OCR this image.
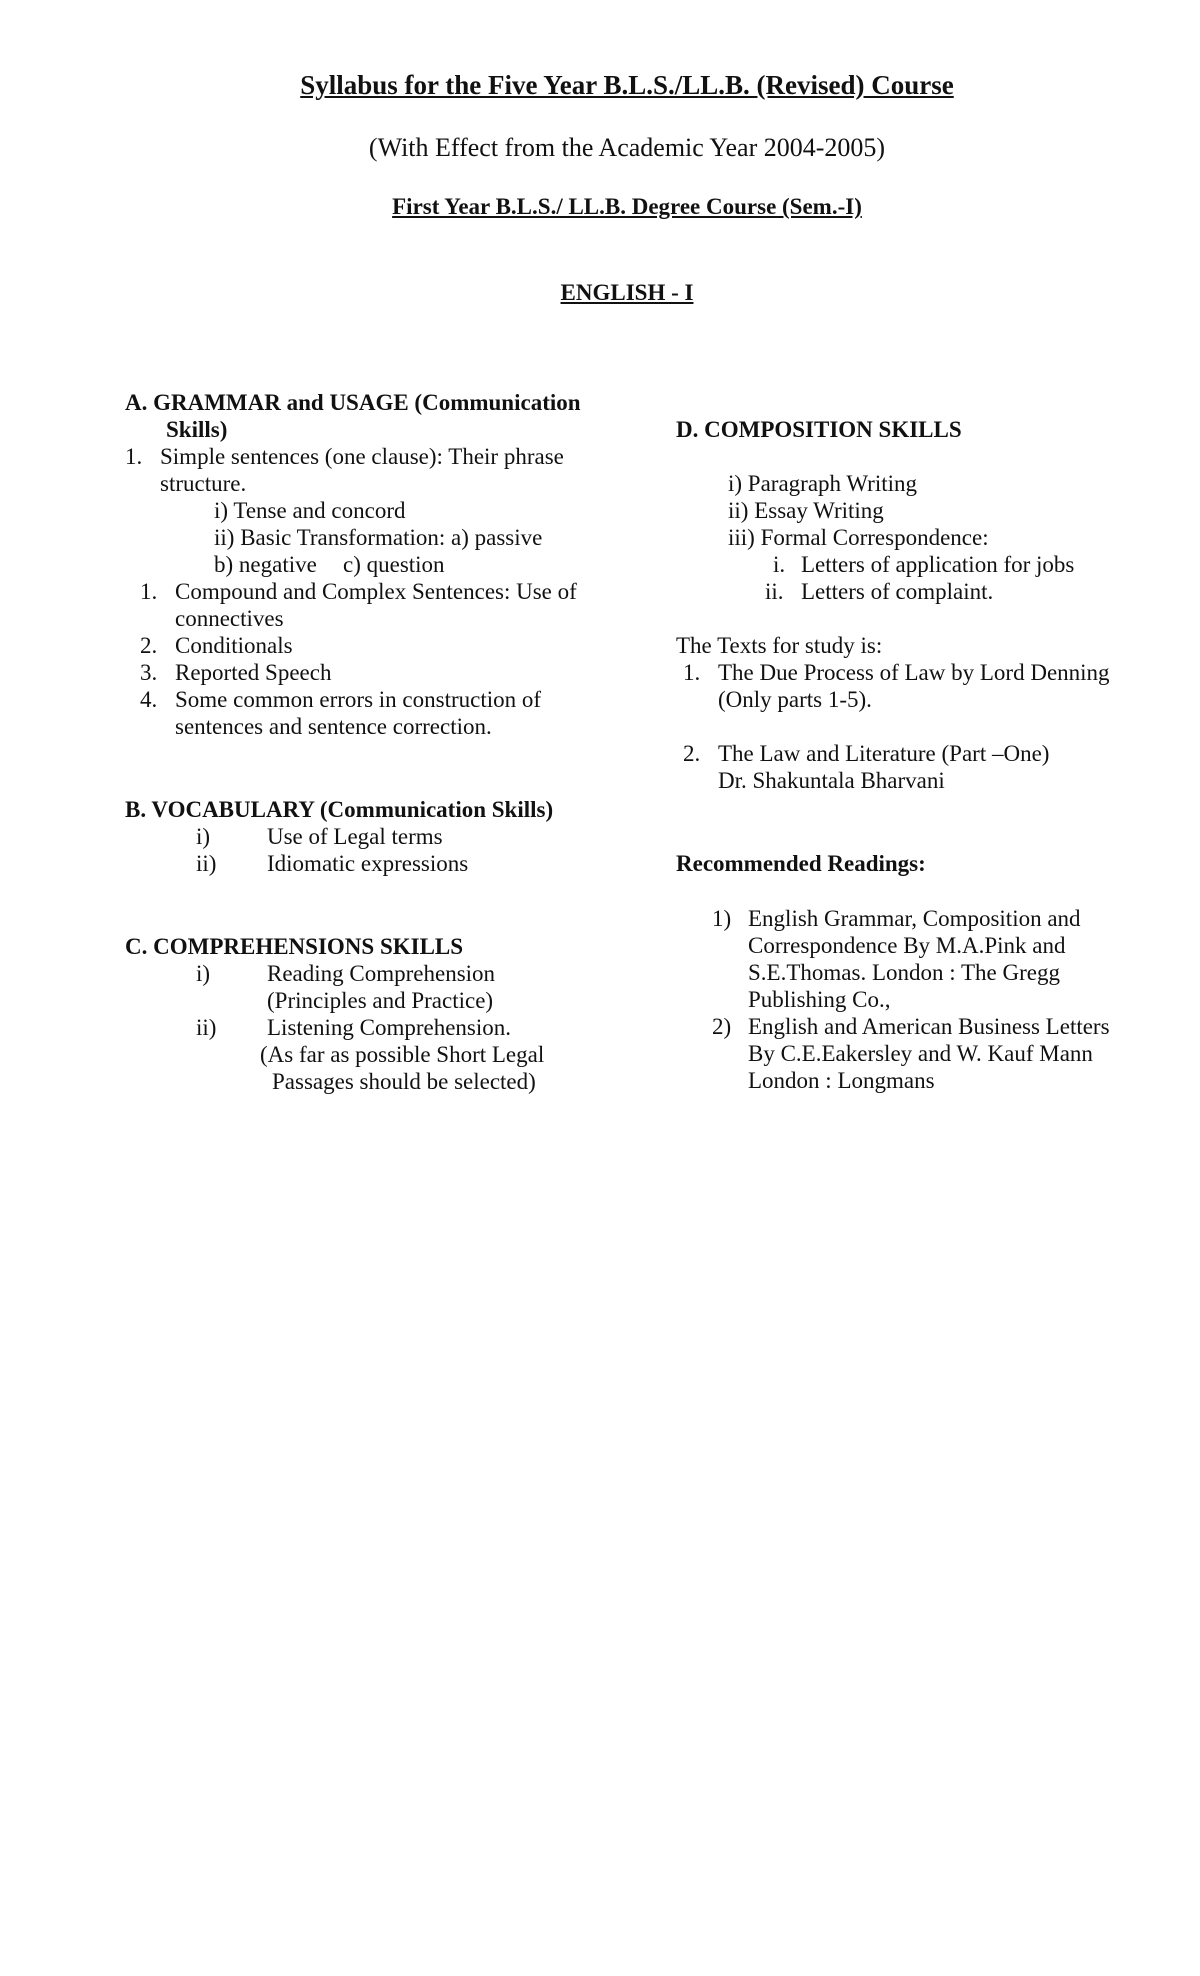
Syllabus for the Five Year B.L.S./LL.B. (Revised) Course
(With Effect from the Academic Year 2004-2005)
First Year B.L.S./ LL.B. Degree Course (Sem.-I)
ENGLISH - I
A. GRAMMAR and USAGE (Communication
Skills)
1. Simple sentences (one clause): Their phrase
structure.
i) Tense and concord
ii) Basic Transformation: a) passive
b) negative c) question
1. Compound and Complex Sentences: Use of
connectives
2. Conditionals
3. Reported Speech
4. Some common errors in construction of
sentences and sentence correction.
B. VOCABULARY (Communication Skills)
i) Use of Legal terms
ii) Idiomatic expressions
C. COMPREHENSIONS SKILLS
i) Reading Comprehension
(Principles and Practice)
ii) Listening Comprehension.
(As far as possible Short Legal
Passages should be selected)
D. COMPOSITION SKILLS
i) Paragraph Writing
ii) Essay Writing
iii) Formal Correspondence:
i. Letters of application for jobs
ii. Letters of complaint.
The Texts for study is:
1. The Due Process of Law by Lord Denning
(Only parts 1-5).
2. The Law and Literature (Part –One)
Dr. Shakuntala Bharvani
Recommended Readings:
1) English Grammar, Composition and
Correspondence By M.A.Pink and
S.E.Thomas. London : The Gregg
Publishing Co.,
2) English and American Business Letters
By C.E.Eakersley and W. Kauf Mann
London : Longmans
